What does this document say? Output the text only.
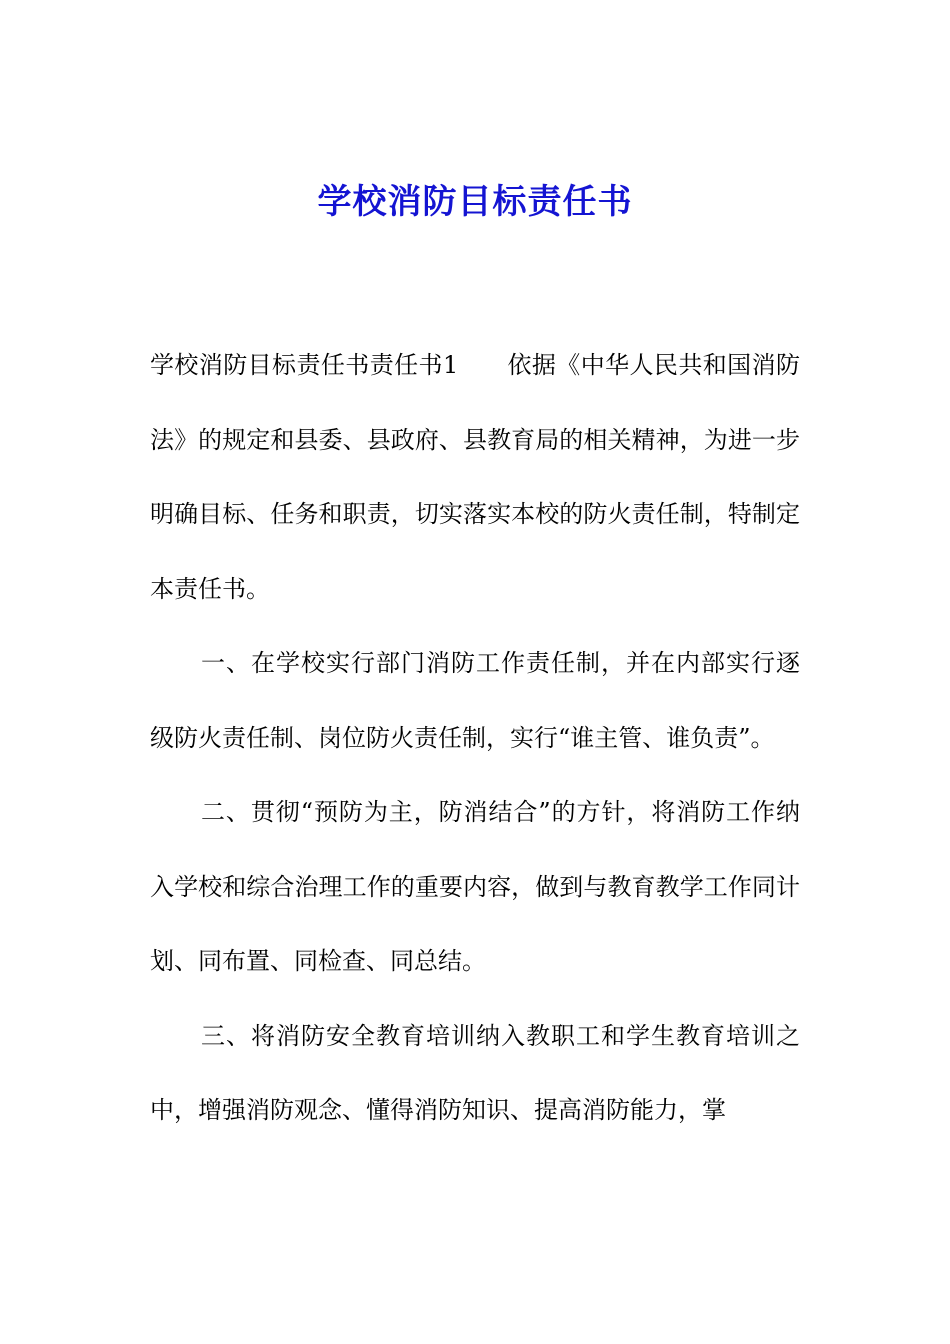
学校消防目标责任书

学校消防目标责任书责任书1　　依据《中华人民共和国消防法》的规定和县委、县政府、县教育局的相关精神，为进一步明确目标、任务和职责，切实落实本校的防火责任制，特制定本责任书。

一、在学校实行部门消防工作责任制，并在内部实行逐级防火责任制、岗位防火责任制，实行“谁主管、谁负责”。

二、贯彻“预防为主，防消结合”的方针，将消防工作纳入学校和综合治理工作的重要内容，做到与教育教学工作同计划、同布置、同检查、同总结。

三、将消防安全教育培训纳入教职工和学生教育培训之中，增强消防观念、懂得消防知识、提高消防能力，掌
